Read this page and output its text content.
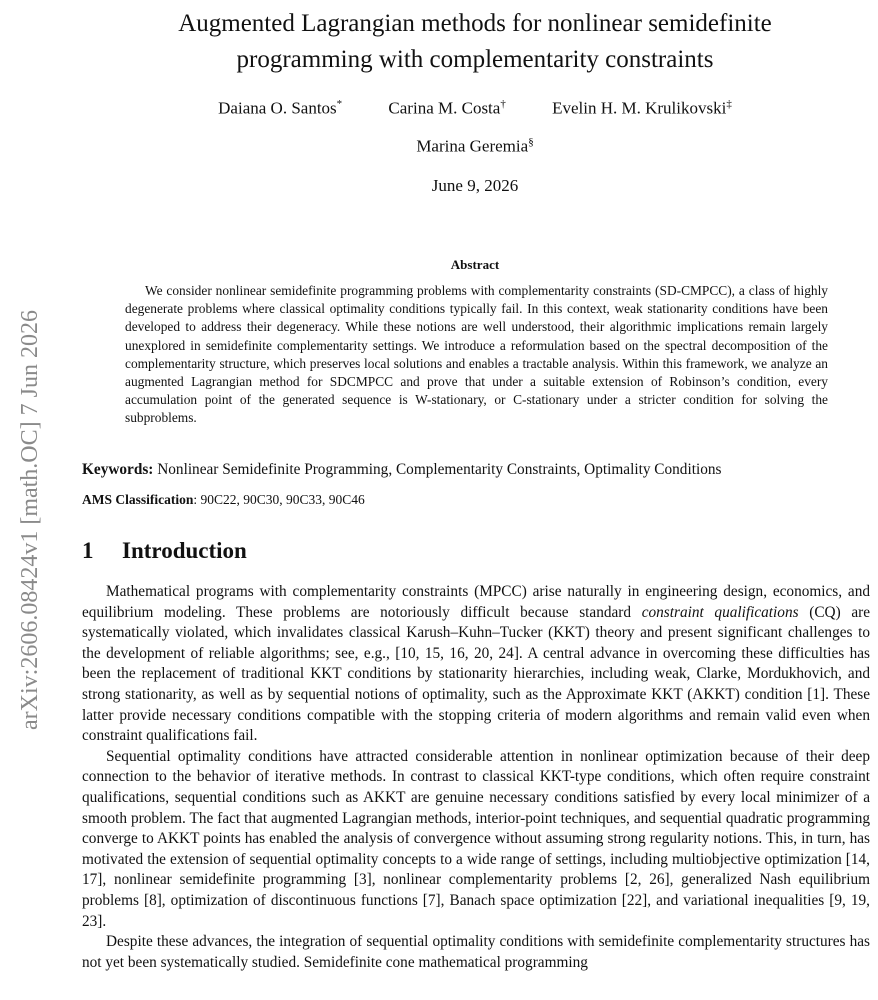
arXiv:2606.08424v1 [math.OC] 7 Jun 2026
Augmented Lagrangian methods for nonlinear semidefinite
programming with complementarity constraints
Daiana O. Santos*	Carina M. Costa†	Evelin H. M. Krulikovski‡
Marina Geremia§
June 9, 2026
Abstract
We consider nonlinear semidefinite programming problems with complementarity constraints (SD-CMPCC), a class of highly degenerate problems where classical optimality conditions typically fail. In this context, weak stationarity conditions have been developed to address their degeneracy. While these notions are well understood, their algorithmic implications remain largely unexplored in semidefinite complementarity settings. We introduce a reformulation based on the spectral decomposition of the complementarity structure, which preserves local solutions and enables a tractable analysis. Within this framework, we analyze an augmented Lagrangian method for SDCMPCC and prove that under a suitable extension of Robinson’s condition, every accumulation point of the generated sequence is W-stationary, or C-stationary under a stricter condition for solving the subproblems.
Keywords: Nonlinear Semidefinite Programming, Complementarity Constraints, Optimality Conditions
AMS Classification: 90C22, 90C30, 90C33, 90C46
1 Introduction

Mathematical programs with complementarity constraints (MPCC) arise naturally in engineering design, economics, and equilibrium modeling. These problems are notoriously difficult because standard constraint qualifications (CQ) are systematically violated, which invalidates classical Karush–Kuhn–Tucker (KKT) theory and present significant challenges to the development of reliable algorithms; see, e.g., [10, 15, 16, 20, 24]. A central advance in overcoming these difficulties has been the replacement of traditional KKT conditions by stationarity hierarchies, including weak, Clarke, Mordukhovich, and strong stationarity, as well as by sequential notions of optimality, such as the Approximate KKT (AKKT) condition [1]. These latter provide necessary conditions compatible with the stopping criteria of modern algorithms and remain valid even when constraint qualifications fail.

Sequential optimality conditions have attracted considerable attention in nonlinear optimization because of their deep connection to the behavior of iterative methods. In contrast to classical KKT-type conditions, which often require constraint qualifications, sequential conditions such as AKKT are genuine necessary conditions satisfied by every local minimizer of a smooth problem. The fact that augmented Lagrangian methods, interior-point techniques, and sequential quadratic programming converge to AKKT points has enabled the analysis of convergence without assuming strong regularity notions. This, in turn, has motivated the extension of sequential optimality concepts to a wide range of settings, including multiobjective optimization [14, 17], nonlinear semidefinite programming [3], nonlinear complementarity problems [2, 26], generalized Nash equilibrium problems [8], optimization of discontinuous functions [7], Banach space optimization [22], and variational inequalities [9, 19, 23].

Despite these advances, the integration of sequential optimality conditions with semidefinite complementarity structures has not yet been systematically studied. Semidefinite cone mathematical programming
